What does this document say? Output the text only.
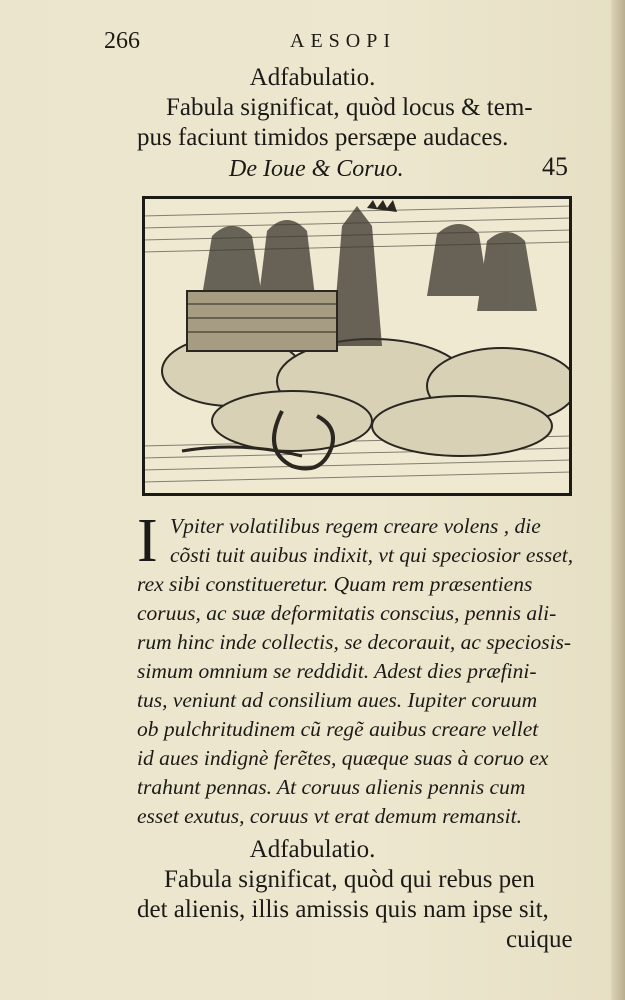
266	AESOPI
Adfabulatio.
Fabula significat, quòd locus & tem-
pus faciunt timidos persæpe audaces.
De Ioue & Coruo.	45
I Vpiter volatilibus regem creare volens , die
cõsti tuit auibus indixit, vt qui speciosior esset,
rex sibi constitueretur. Quam rem præsentiens
coruus, ac suæ deformitatis conscius, pennis ali-
rum hinc inde collectis, se decorauit, ac speciosis-
simum omnium se reddidit. Adest dies præfini-
tus, veniunt ad consilium aues. Iupiter coruum
ob pulchritudinem cũ regẽ auibus creare vellet
id aues indignè ferẽtes, quæque suas à coruo ex
trahunt pennas. At coruus alienis pennis cum
esset exutus, coruus vt erat demum remansit.
Adfabulatio.
Fabula significat, quòd qui rebus pen
det alienis, illis amissis quis nam ipse sit,
cuique
